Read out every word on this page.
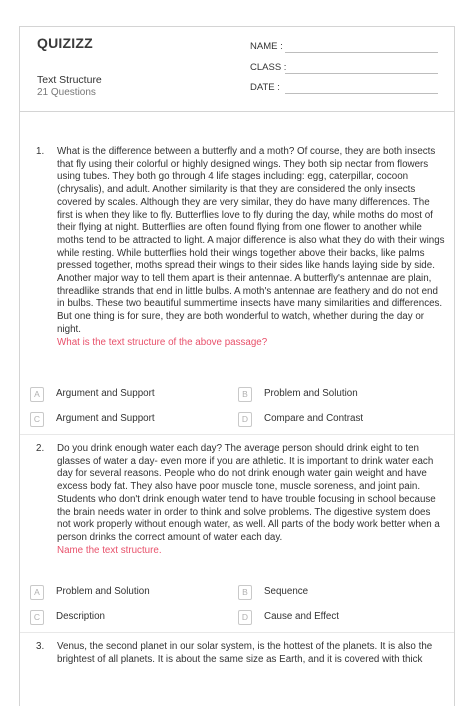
QUIZIZZ
Text Structure
21 Questions
NAME :
CLASS :
DATE :
1. What is the difference between a butterfly and a moth? Of course, they are both insects that fly using their colorful or highly designed wings. They both sip nectar from flowers using tubes. They both go through 4 life stages including: egg, caterpillar, cocoon (chrysalis), and adult. Another similarity is that they are considered the only insects covered by scales. Although they are very similar, they do have many differences. The first is when they like to fly. Butterflies love to fly during the day, while moths do most of their flying at night. Butterflies are often found flying from one flower to another while moths tend to be attracted to light. A major difference is also what they do with their wings while resting. While butterflies hold their wings together above their backs, like palms pressed together, moths spread their wings to their sides like hands laying side by side. Another major way to tell them apart is their antennae. A butterfly's antennae are plain, threadlike strands that end in little bulbs. A moth's antennae are feathery and do not end in bulbs. These two beautiful summertime insects have many similarities and differences. But one thing is for sure, they are both wonderful to watch, whether during the day or night.
What is the text structure of the above passage?
A	Argument and Support	B	Problem and Solution
C	Argument and Support	D	Compare and Contrast
2. Do you drink enough water each day? The average person should drink eight to ten glasses of water a day- even more if you are athletic. It is important to drink water each day for several reasons. People who do not drink enough water gain weight and have excess body fat. They also have poor muscle tone, muscle soreness, and joint pain. Students who don't drink enough water tend to have trouble focusing in school because the brain needs water in order to think and solve problems. The digestive system does not work properly without enough water, as well. All parts of the body work better when a person drinks the correct amount of water each day.
Name the text structure.
A	Problem and Solution	B	Sequence
C	Description	D	Cause and Effect
3. Venus, the second planet in our solar system, is the hottest of the planets. It is also the brightest of all planets. It is about the same size as Earth, and it is covered with thick
